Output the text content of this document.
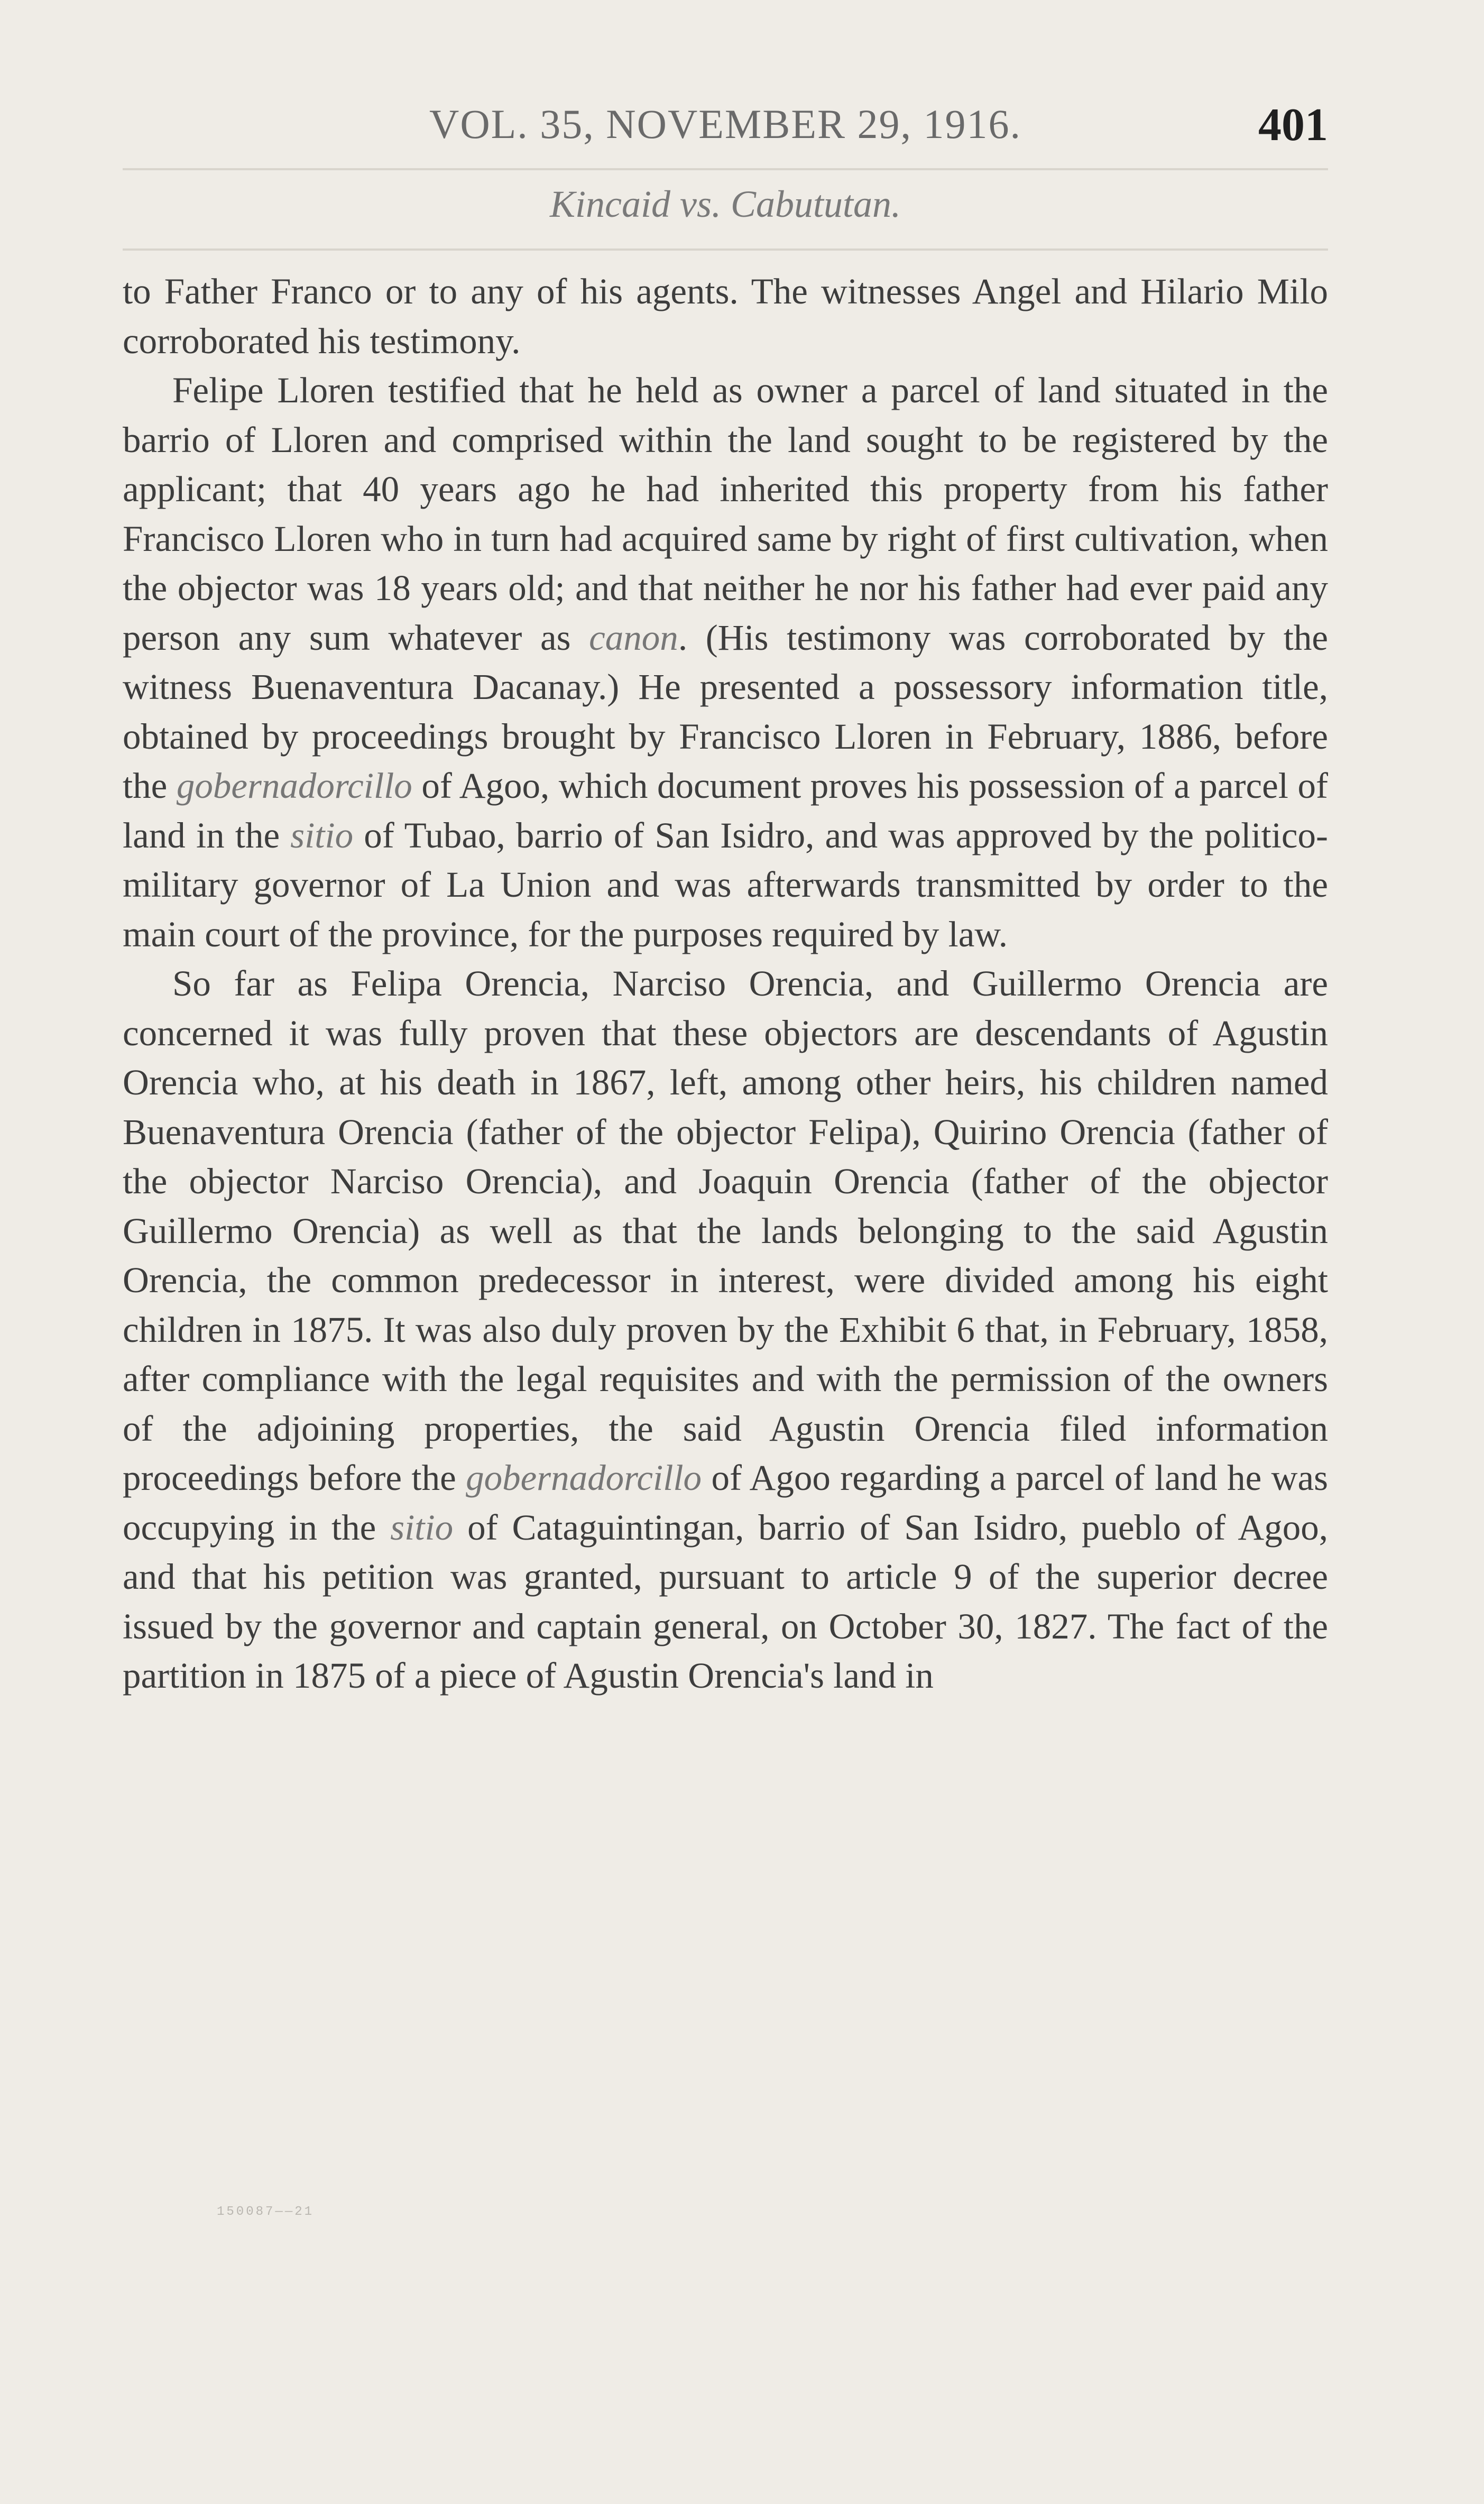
VOL. 35, NOVEMBER 29, 1916.	401
Kincaid vs. Cabututan.

to Father Franco or to any of his agents. The witnesses Angel and Hilario Milo corroborated his testimony.

Felipe Lloren testified that he held as owner a parcel of land situated in the barrio of Lloren and comprised within the land sought to be registered by the applicant; that 40 years ago he had inherited this property from his father Francisco Lloren who in turn had acquired same by right of first cultivation, when the objector was 18 years old; and that neither he nor his father had ever paid any person any sum whatever as canon. (His testimony was corroborated by the witness Buenaventura Dacanay.) He presented a possessory information title, obtained by proceedings brought by Francisco Lloren in February, 1886, before the gobernadorcillo of Agoo, which document proves his possession of a parcel of land in the sitio of Tubao, barrio of San Isidro, and was approved by the politico-military governor of La Union and was afterwards transmitted by order to the main court of the province, for the purposes required by law.

So far as Felipa Orencia, Narciso Orencia, and Guillermo Orencia are concerned it was fully proven that these objectors are descendants of Agustin Orencia who, at his death in 1867, left, among other heirs, his children named Buenaventura Orencia (father of the objector Felipa), Quirino Orencia (father of the objector Narciso Orencia), and Joaquin Orencia (father of the objector Guillermo Orencia) as well as that the lands belonging to the said Agustin Orencia, the common predecessor in interest, were divided among his eight children in 1875. It was also duly proven by the Exhibit 6 that, in February, 1858, after compliance with the legal requisites and with the permission of the owners of the adjoining properties, the said Agustin Orencia filed information proceedings before the gobernadorcillo of Agoo regarding a parcel of land he was occupying in the sitio of Cataguintingan, barrio of San Isidro, pueblo of Agoo, and that his petition was granted, pursuant to article 9 of the superior decree issued by the governor and captain general, on October 30, 1827. The fact of the partition in 1875 of a piece of Agustin Orencia's land in

150087——21
